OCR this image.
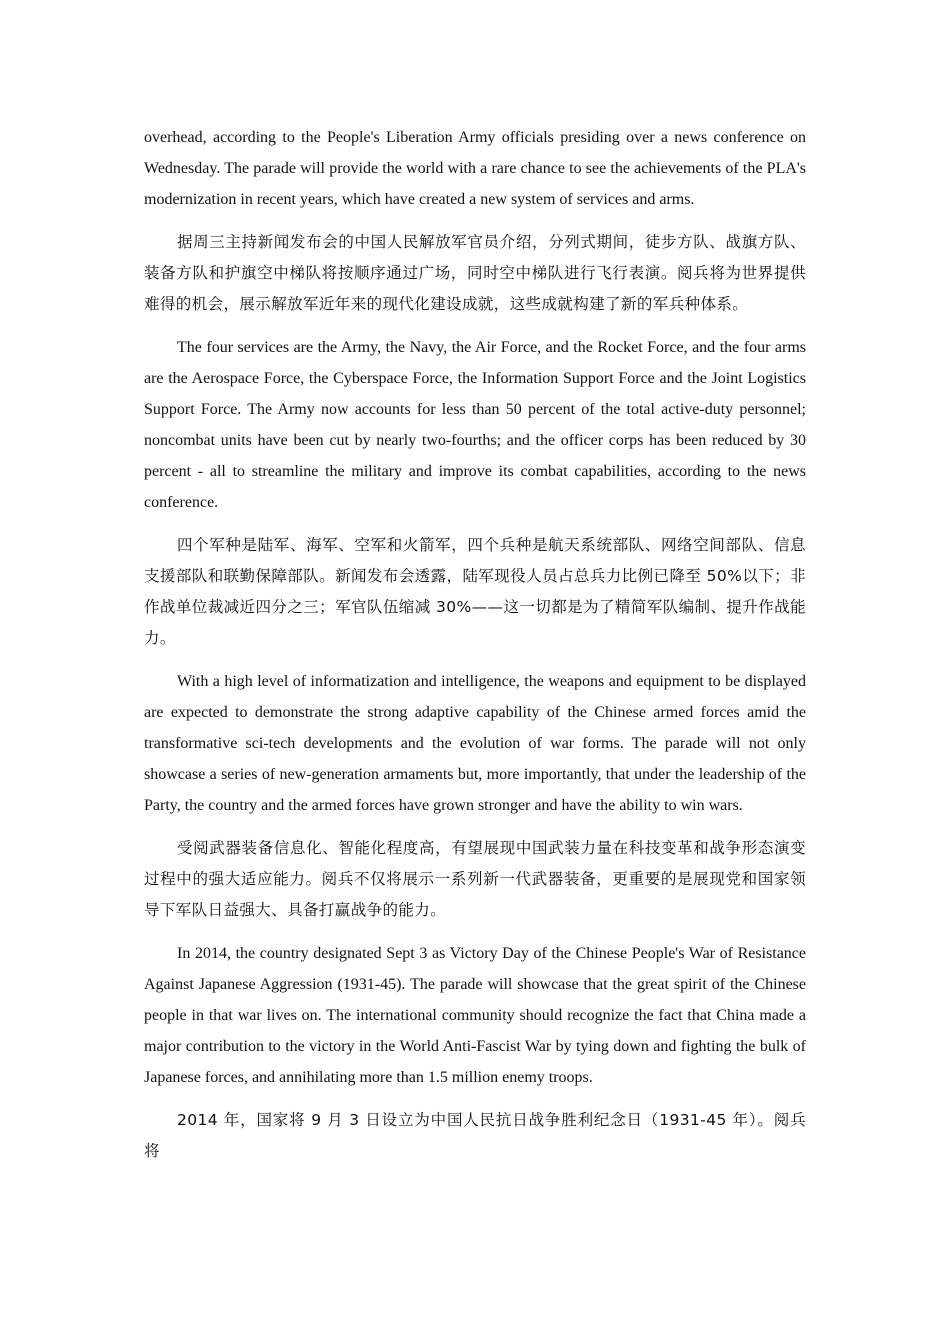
overhead, according to the People's Liberation Army officials presiding over a news conference on Wednesday. The parade will provide the world with a rare chance to see the achievements of the PLA's modernization in recent years, which have created a new system of services and arms.

据周三主持新闻发布会的中国人民解放军官员介绍，分列式期间，徒步方队、战旗方队、装备方队和护旗空中梯队将按顺序通过广场，同时空中梯队进行飞行表演。阅兵将为世界提供难得的机会，展示解放军近年来的现代化建设成就，这些成就构建了新的军兵种体系。

The four services are the Army, the Navy, the Air Force, and the Rocket Force, and the four arms are the Aerospace Force, the Cyberspace Force, the Information Support Force and the Joint Logistics Support Force. The Army now accounts for less than 50 percent of the total active-duty personnel; noncombat units have been cut by nearly two-fourths; and the officer corps has been reduced by 30 percent - all to streamline the military and improve its combat capabilities, according to the news conference.

四个军种是陆军、海军、空军和火箭军，四个兵种是航天系统部队、网络空间部队、信息支援部队和联勤保障部队。新闻发布会透露，陆军现役人员占总兵力比例已降至 50%以下；非作战单位裁减近四分之三；军官队伍缩减 30%——这一切都是为了精简军队编制、提升作战能力。

With a high level of informatization and intelligence, the weapons and equipment to be displayed are expected to demonstrate the strong adaptive capability of the Chinese armed forces amid the transformative sci-tech developments and the evolution of war forms. The parade will not only showcase a series of new-generation armaments but, more importantly, that under the leadership of the Party, the country and the armed forces have grown stronger and have the ability to win wars.

受阅武器装备信息化、智能化程度高，有望展现中国武装力量在科技变革和战争形态演变过程中的强大适应能力。阅兵不仅将展示一系列新一代武器装备，更重要的是展现党和国家领导下军队日益强大、具备打赢战争的能力。

In 2014, the country designated Sept 3 as Victory Day of the Chinese People's War of Resistance Against Japanese Aggression (1931-45). The parade will showcase that the great spirit of the Chinese people in that war lives on. The international community should recognize the fact that China made a major contribution to the victory in the World Anti-Fascist War by tying down and fighting the bulk of Japanese forces, and annihilating more than 1.5 million enemy troops.

2014 年，国家将 9 月 3 日设立为中国人民抗日战争胜利纪念日（1931-45 年）。阅兵将
